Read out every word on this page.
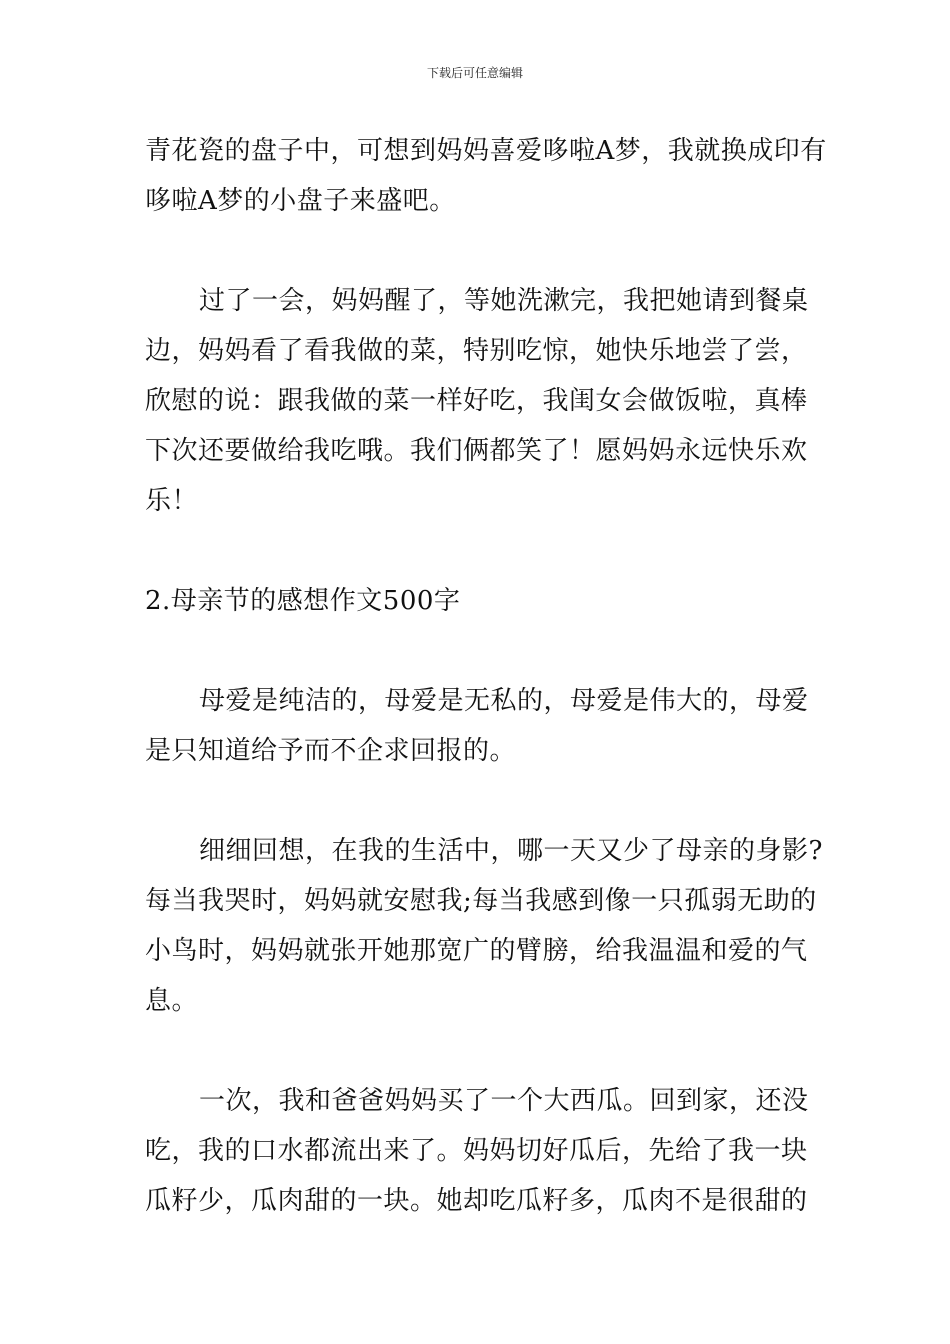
下载后可任意编辑
青花瓷的盘子中，可想到妈妈喜爱哆啦A梦，我就换成印有
哆啦A梦的小盘子来盛吧。
过了一会，妈妈醒了，等她洗漱完，我把她请到餐桌
边，妈妈看了看我做的菜，特别吃惊，她快乐地尝了尝，
欣慰的说：跟我做的菜一样好吃，我闺女会做饭啦，真棒
下次还要做给我吃哦。我们俩都笑了！愿妈妈永远快乐欢
乐！
2.母亲节的感想作文500字
母爱是纯洁的，母爱是无私的，母爱是伟大的，母爱
是只知道给予而不企求回报的。
细细回想，在我的生活中，哪一天又少了母亲的身影?
每当我哭时，妈妈就安慰我;每当我感到像一只孤弱无助的
小鸟时，妈妈就张开她那宽广的臂膀，给我温温和爱的气
息。
一次，我和爸爸妈妈买了一个大西瓜。回到家，还没
吃，我的口水都流出来了。妈妈切好瓜后，先给了我一块
瓜籽少，瓜肉甜的一块。她却吃瓜籽多，瓜肉不是很甜的
